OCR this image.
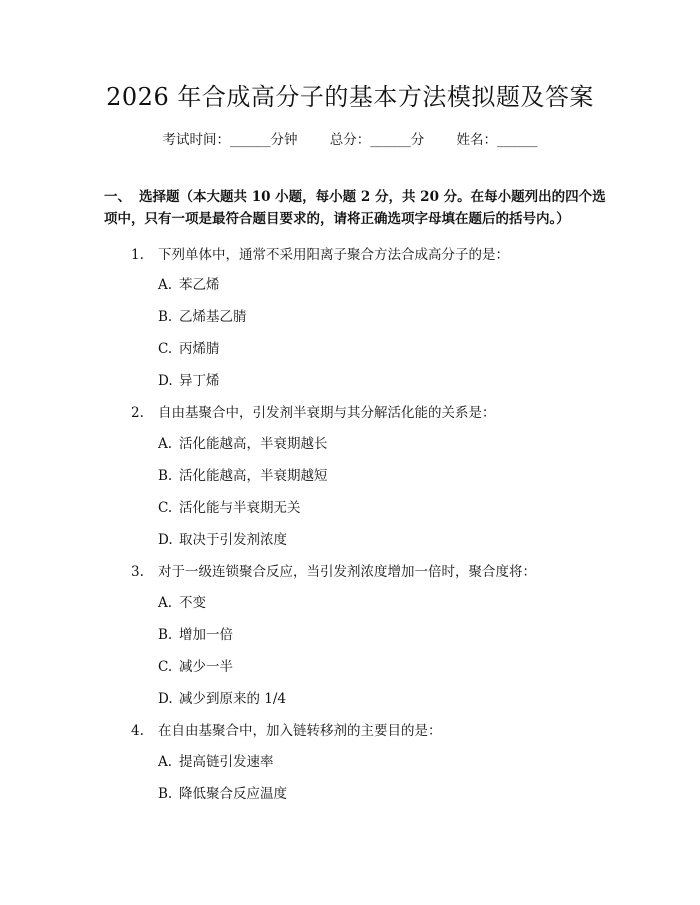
2026 年合成高分子的基本方法模拟题及答案
考试时间：______分钟 总分：______分 姓名：______
一、 选择题（本大题共 10 小题，每小题 2 分，共 20 分。在每小题列出的四个选
项中，只有一项是最符合题目要求的，请将正确选项字母填在题后的括号内。）
1. 下列单体中，通常不采用阳离子聚合方法合成高分子的是：
A. 苯乙烯
B. 乙烯基乙腈
C. 丙烯腈
D. 异丁烯
2. 自由基聚合中，引发剂半衰期与其分解活化能的关系是：
A. 活化能越高，半衰期越长
B. 活化能越高，半衰期越短
C. 活化能与半衰期无关
D. 取决于引发剂浓度
3. 对于一级连锁聚合反应，当引发剂浓度增加一倍时，聚合度将：
A. 不变
B. 增加一倍
C. 减少一半
D. 减少到原来的 1/4
4. 在自由基聚合中，加入链转移剂的主要目的是：
A. 提高链引发速率
B. 降低聚合反应温度
